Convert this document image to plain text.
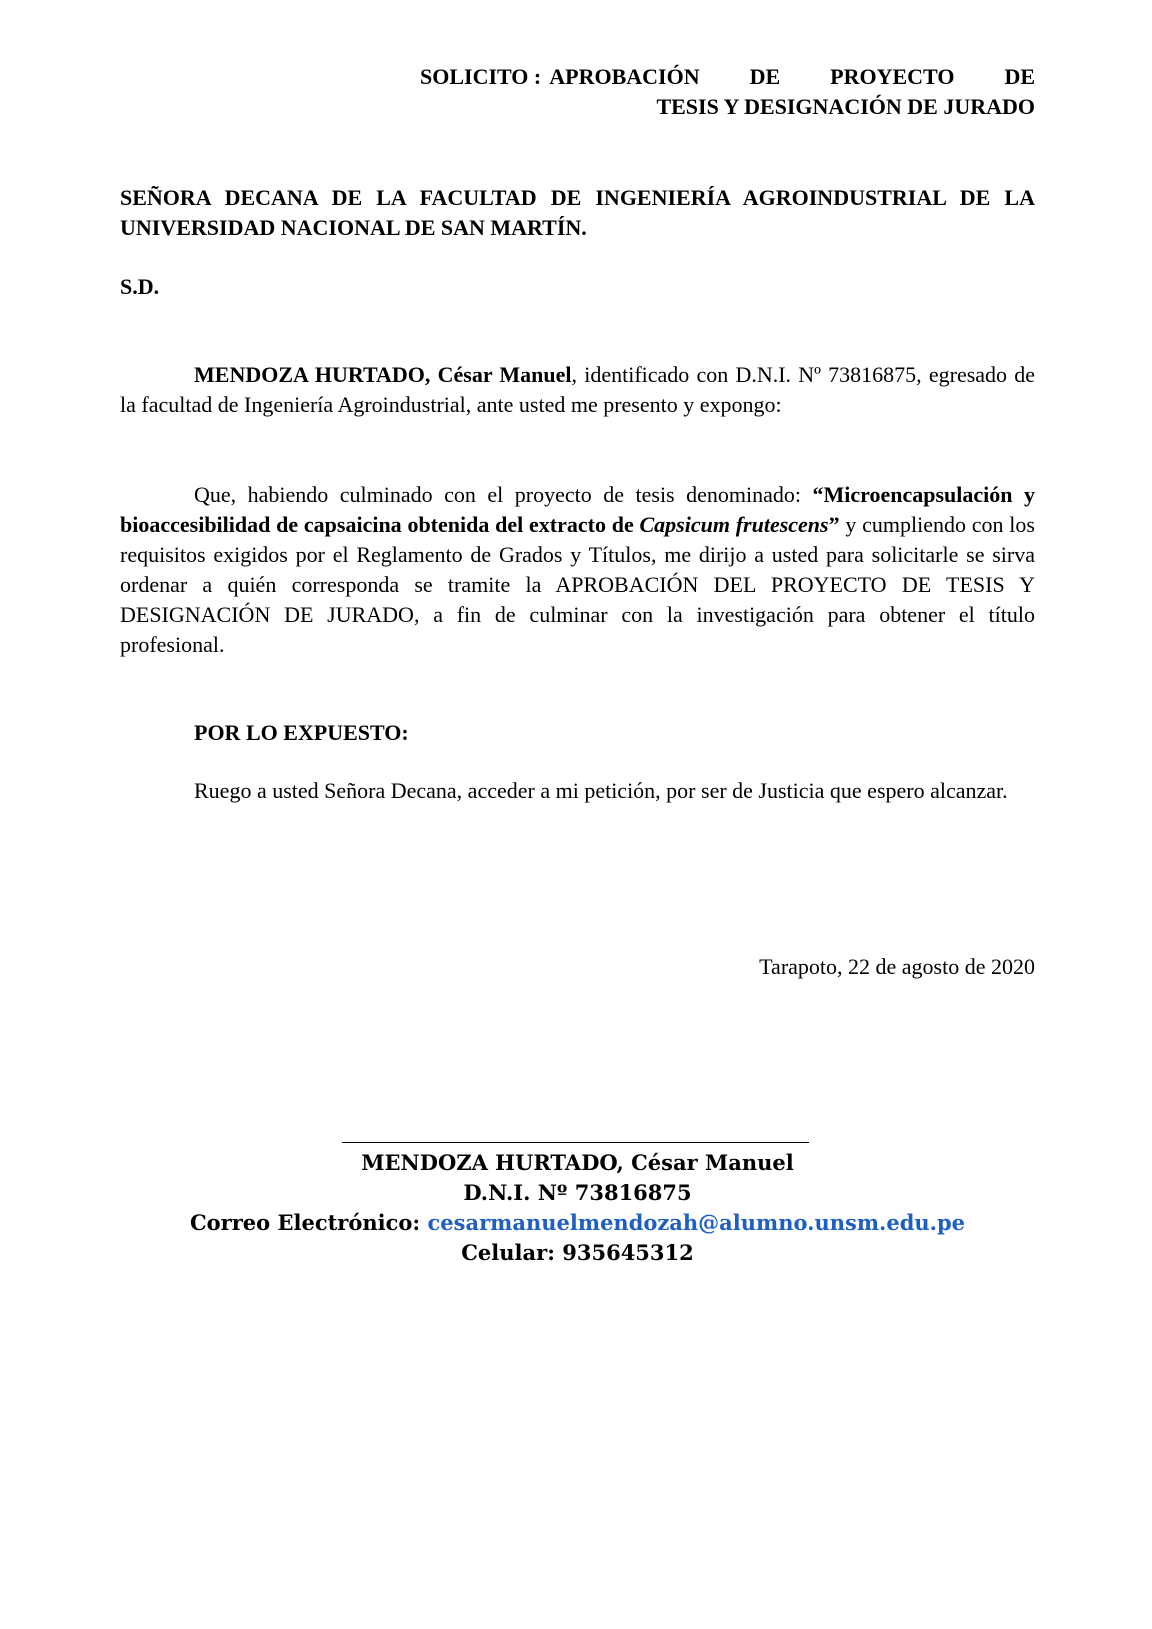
SOLICITO : APROBACIÓN DE PROYECTO DE
TESIS Y DESIGNACIÓN DE JURADO
SEÑORA DECANA DE LA FACULTAD DE INGENIERÍA AGROINDUSTRIAL DE LA UNIVERSIDAD NACIONAL DE SAN MARTÍN.
S.D.
MENDOZA HURTADO, César Manuel, identificado con D.N.I. Nº 73816875, egresado de la facultad de Ingeniería Agroindustrial, ante usted me presento y expongo:
Que, habiendo culminado con el proyecto de tesis denominado: “Microencapsulación y bioaccesibilidad de capsaicina obtenida del extracto de Capsicum frutescens” y cumpliendo con los requisitos exigidos por el Reglamento de Grados y Títulos, me dirijo a usted para solicitarle se sirva ordenar a quién corresponda se tramite la APROBACIÓN DEL PROYECTO DE TESIS Y DESIGNACIÓN DE JURADO, a fin de culminar con la investigación para obtener el título profesional.
POR LO EXPUESTO:
Ruego a usted Señora Decana, acceder a mi petición, por ser de Justicia que espero alcanzar.
Tarapoto, 22 de agosto de 2020
MENDOZA HURTADO, César Manuel
D.N.I. Nº 73816875
Correo Electrónico: cesarmanuelmendozah@alumno.unsm.edu.pe
Celular: 935645312
